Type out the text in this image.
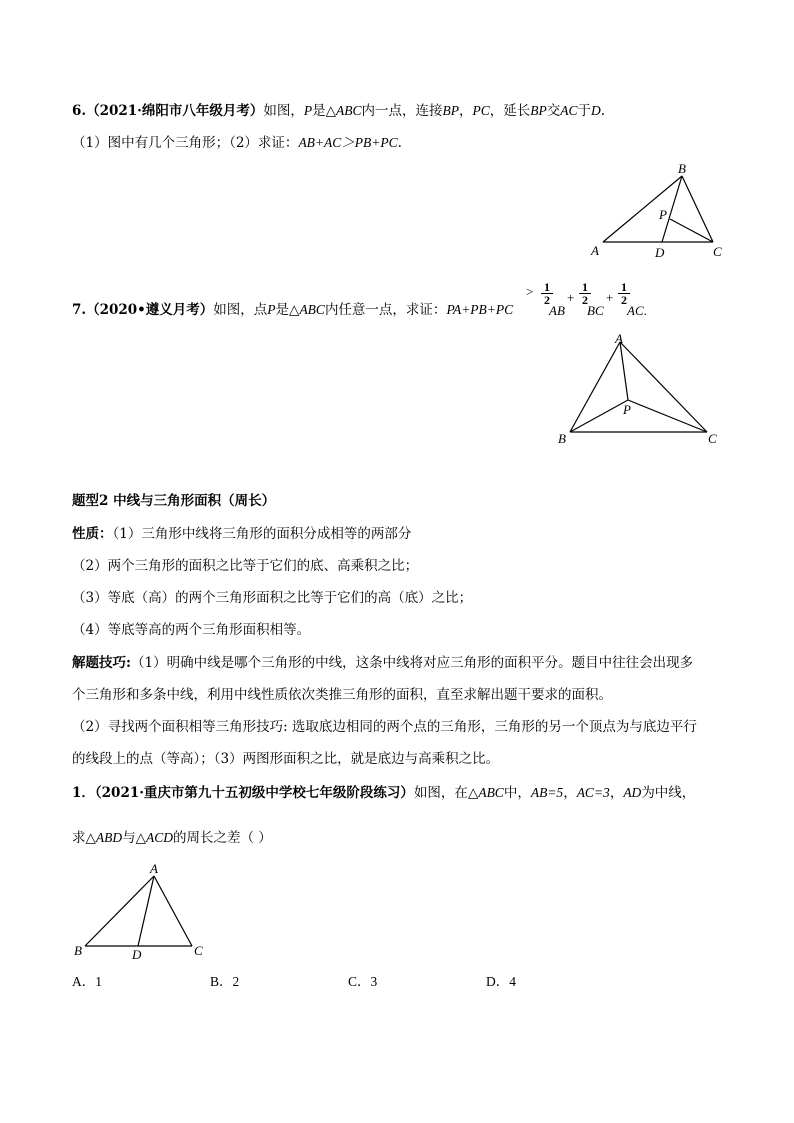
6.（2021·绵阳市八年级月考）如图，P是△ABC内一点，连接BP，PC，延长BP交AC于D.
（1）图中有几个三角形；（2）求证：AB+AC＞PB+PC.
A
B
C
P
D
7.（2020•遵义月考）如图，点P是△ABC内任意一点，求证：PA+PB+PC
> $\frac{1}{2}$
AB
+ $\frac{1}{2}$
BC
+ $\frac{1}{2}$
AC.
A
B	C
P
题型2 中线与三角形面积（周长）
性质：（1）三角形中线将三角形的面积分成相等的两部分
（2）两个三角形的面积之比等于它们的底、高乘积之比；
（3）等底（高）的两个三角形面积之比等于它们的高（底）之比；
（4）等底等高的两个三角形面积相等。
解题技巧:（1）明确中线是哪个三角形的中线，这条中线将对应三角形的面积平分。题目中往往会出现多
个三角形和多条中线，利用中线性质依次类推三角形的面积，直至求解出题干要求的面积。
（2）寻找两个面积相等三角形技巧: 选取底边相同的两个点的三角形，三角形的另一个顶点为与底边平行
的线段上的点（等高）；（3）两图形面积之比，就是底边与高乘积之比。
1．（2021·重庆市第九十五初级中学校七年级阶段练习）如图，在△ABC中，AB=5，AC=3，AD为中线，
求△ABD与△ACD的周长之差（ ）
A
B	C
D
A．1	B．2	C．3	D．4
